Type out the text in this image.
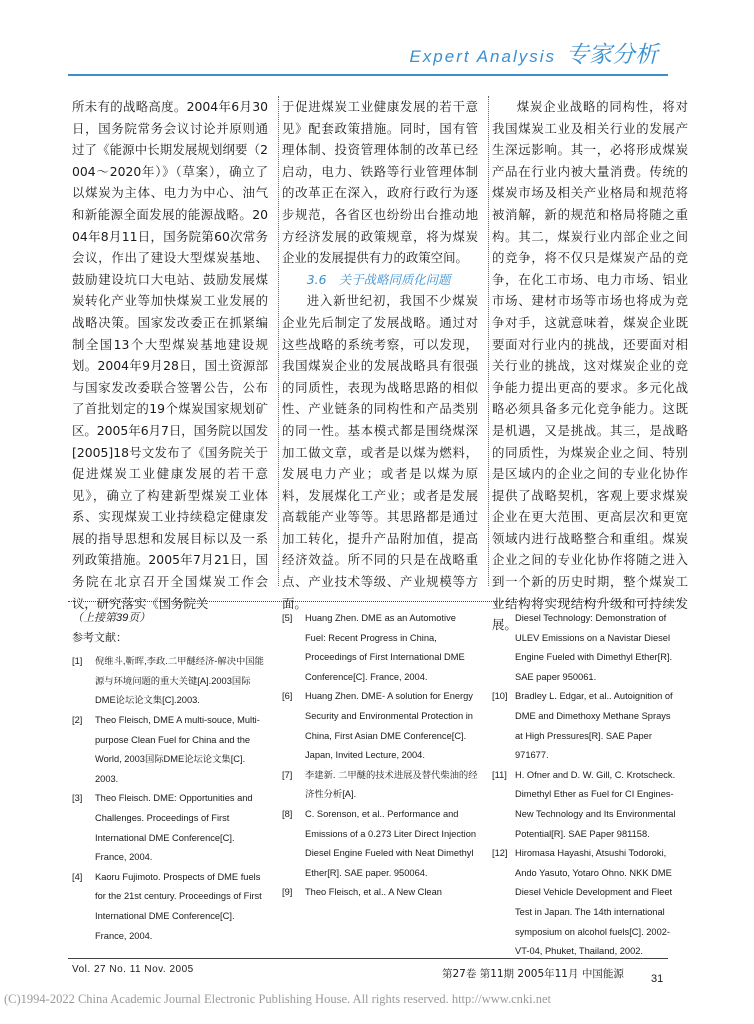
Expert Analysis 专家分析

所未有的战略高度。2004年6月30日，国务院常务会议讨论并原则通过了《能源中长期发展规划纲要（2004～2020年）》（草案），确立了以煤炭为主体、电力为中心、油气和新能源全面发展的能源战略。2004年8月11日，国务院第60次常务会议，作出了建设大型煤炭基地、鼓励建设坑口大电站、鼓励发展煤炭转化产业等加快煤炭工业发展的战略决策。国家发改委正在抓紧编制全国13个大型煤炭基地建设规划。2004年9月28日，国土资源部与国家发改委联合签署公告，公布了首批划定的19个煤炭国家规划矿区。2005年6月7日，国务院以国发[2005]18号文发布了《国务院关于促进煤炭工业健康发展的若干意见》，确立了构建新型煤炭工业体系、实现煤炭工业持续稳定健康发展的指导思想和发展目标以及一系列政策措施。2005年7月21日，国务院在北京召开全国煤炭工作会议，研究落实《国务院关

于促进煤炭工业健康发展的若干意见》配套政策措施。同时，国有管理体制、投资管理体制的改革已经启动，电力、铁路等行业管理体制的改革正在深入，政府行政行为逐步规范，各省区也纷纷出台推动地方经济发展的政策规章，将为煤炭企业的发展提供有力的政策空间。

3.6　关于战略同质化问题

进入新世纪初，我国不少煤炭企业先后制定了发展战略。通过对这些战略的系统考察，可以发现，我国煤炭企业的发展战略具有很强的同质性，表现为战略思路的相似性、产业链条的同构性和产品类别的同一性。基本模式都是围绕煤深加工做文章，或者是以煤为燃料，发展电力产业；或者是以煤为原料，发展煤化工产业；或者是发展高载能产业等等。其思路都是通过加工转化，提升产品附加值，提高经济效益。所不同的只是在战略重点、产业技术等级、产业规模等方面。

煤炭企业战略的同构性，将对我国煤炭工业及相关行业的发展产生深远影响。其一，必将形成煤炭产品在行业内被大量消费。传统的煤炭市场及相关产业格局和规范将被消解，新的规范和格局将随之重构。其二，煤炭行业内部企业之间的竞争，将不仅只是煤炭产品的竞争，在化工市场、电力市场、铝业市场、建材市场等市场也将成为竞争对手，这就意味着，煤炭企业既要面对行业内的挑战，还要面对相关行业的挑战，这对煤炭企业的竞争能力提出更高的要求。多元化战略必须具备多元化竞争能力。这既是机遇，又是挑战。其三，是战略的同质性，为煤炭企业之间、特别是区域内的企业之间的专业化协作提供了战略契机，客观上要求煤炭企业在更大范围、更高层次和更宽领域内进行战略整合和重组。煤炭企业之间的专业化协作将随之进入到一个新的历史时期，整个煤炭工业结构将实现结构升级和可持续发展。

（上接第39页）
参考文献：
[1]	倪维斗,靳晖,李政.二甲醚经济-解决中国能源与环境问题的重大关键[A].2003国际DME论坛论文集[C].2003.
[2]	Theo Fleisch, DME A multi-souce, Multi-purpose Clean Fuel for China and the World, 2003国际DME论坛论文集[C]. 2003.
[3]	Theo Fleisch. DME: Opportunities and Challenges. Proceedings of First International DME Conference[C]. France, 2004.
[4]	Kaoru Fujimoto. Prospects of DME fuels for the 21st century. Proceedings of First International DME Conference[C]. France, 2004.
[5]	Huang Zhen. DME as an Automotive Fuel: Recent Progress in China, Proceedings of First International DME Conference[C]. France, 2004.
[6]	Huang Zhen. DME- A solution for Energy Security and Environmental Protection in China, First Asian DME Conference[C]. Japan, Invited Lecture, 2004.
[7]	李建新. 二甲醚的技术进展及替代柴油的经济性分析[A].
[8]	C. Sorenson, et al.. Performance and Emissions of a 0.273 Liter Direct Injection Diesel Engine Fueled with Neat Dimethyl Ether[R]. SAE paper. 950064.
[9]	Theo Fleisch, et al.. A New Clean
Diesel Technology: Demonstration of ULEV Emissions on a Navistar Diesel Engine Fueled with Dimethyl Ether[R]. SAE paper 950061.
[10] Bradley L. Edgar, et al.. Autoignition of DME and Dimethoxy Methane Sprays at High Pressures[R]. SAE Paper 971677.
[11] H. Ofner and D. W. Gill, C. Krotscheck. Dimethyl Ether as Fuel for CI Engines- New Technology and Its Environmental Potential[R]. SAE Paper 981158.
[12] Hiromasa Hayashi, Atsushi Todoroki, Ando Yasuto, Yotaro Ohno. NKK DME Diesel Vehicle Development and Fleet Test in Japan. The 14th international symposium on alcohol fuels[C]. 2002-VT-04, Phuket, Thailand, 2002.
Vol. 27 No. 11 Nov. 2005	第27卷 第11期 2005年11月 中国能源 31
(C)1994-2022 China Academic Journal Electronic Publishing House. All rights reserved. http://www.cnki.net
